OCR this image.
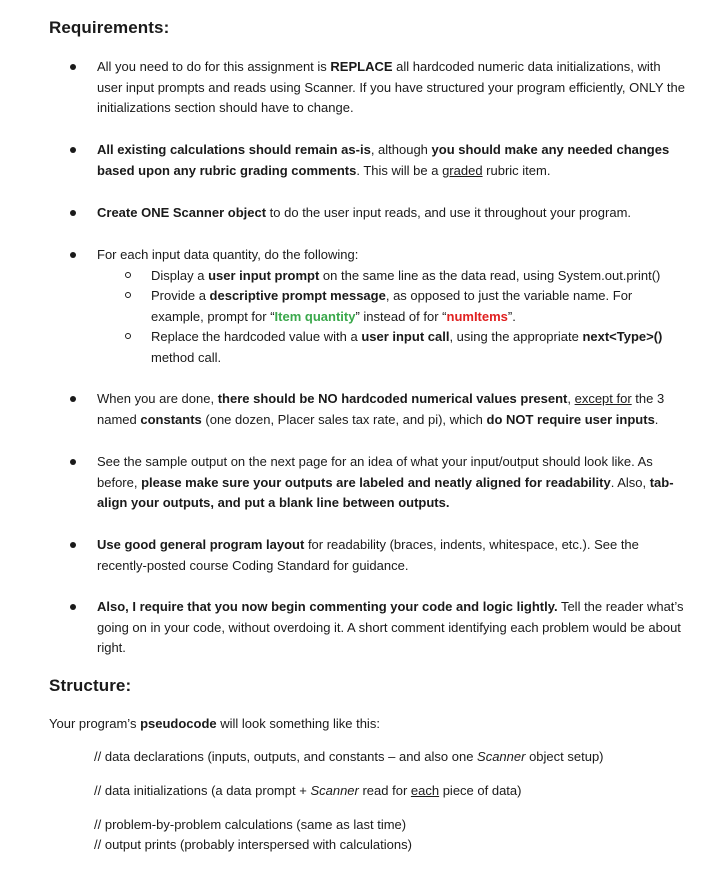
Requirements:
All you need to do for this assignment is REPLACE all hardcoded numeric data initializations, with user input prompts and reads using Scanner. If you have structured your program efficiently, ONLY the initializations section should have to change.
All existing calculations should remain as-is, although you should make any needed changes based upon any rubric grading comments. This will be a graded rubric item.
Create ONE Scanner object to do the user input reads, and use it throughout your program.
For each input data quantity, do the following:
Display a user input prompt on the same line as the data read, using System.out.print()
Provide a descriptive prompt message, as opposed to just the variable name. For example, prompt for “Item quantity” instead of for “numItems”.
Replace the hardcoded value with a user input call, using the appropriate next<Type>() method call.
When you are done, there should be NO hardcoded numerical values present, except for the 3 named constants (one dozen, Placer sales tax rate, and pi), which do NOT require user inputs.
See the sample output on the next page for an idea of what your input/output should look like. As before, please make sure your outputs are labeled and neatly aligned for readability. Also, tab-align your outputs, and put a blank line between outputs.
Use good general program layout for readability (braces, indents, whitespace, etc.). See the recently-posted course Coding Standard for guidance.
Also, I require that you now begin commenting your code and logic lightly. Tell the reader what’s going on in your code, without overdoing it. A short comment identifying each problem would be about right.
Structure:
Your program’s pseudocode will look something like this:
// data declarations (inputs, outputs, and constants – and also one Scanner object setup)
// data initializations (a data prompt + Scanner read for each piece of data)
// problem-by-problem calculations (same as last time)
// output prints (probably interspersed with calculations)
